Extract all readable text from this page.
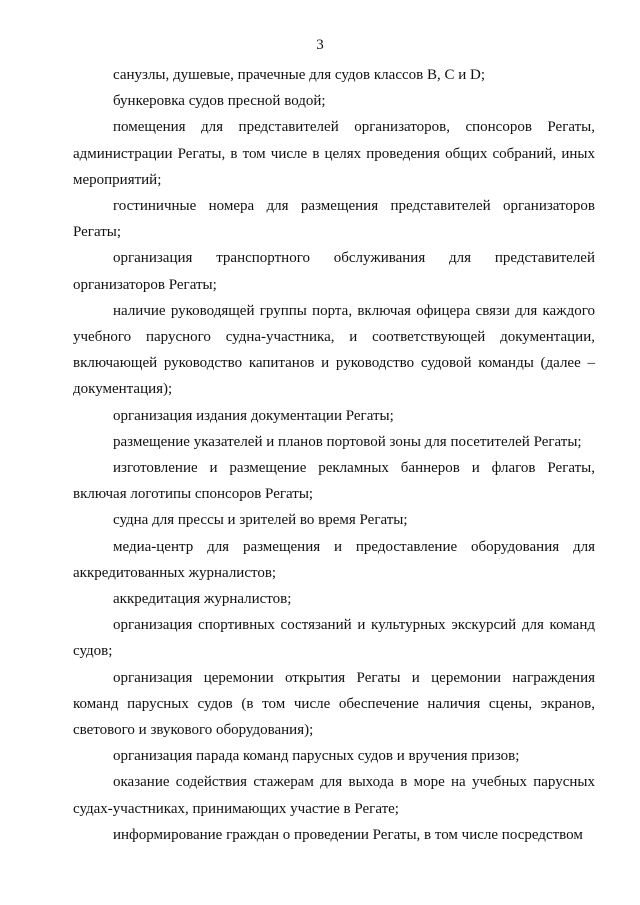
3

санузлы, душевые, прачечные для судов классов B, C и D;

бункеровка судов пресной водой;

помещения для представителей организаторов, спонсоров Регаты, администрации Регаты, в том числе в целях проведения общих собраний, иных мероприятий;

гостиничные номера для размещения представителей организаторов Регаты;

организация транспортного обслуживания для представителей организаторов Регаты;

наличие руководящей группы порта, включая офицера связи для каждого учебного парусного судна-участника, и соответствующей документации, включающей руководство капитанов и руководство судовой команды (далее – документация);

организация издания документации Регаты;

размещение указателей и планов портовой зоны для посетителей Регаты;

изготовление и размещение рекламных баннеров и флагов Регаты, включая логотипы спонсоров Регаты;

судна для прессы и зрителей во время Регаты;

медиа-центр для размещения и предоставление оборудования для аккредитованных журналистов;

аккредитация журналистов;

организация спортивных состязаний и культурных экскурсий для команд судов;

организация церемонии открытия Регаты и церемонии награждения команд парусных судов (в том числе обеспечение наличия сцены, экранов, светового и звукового оборудования);

организация парада команд парусных судов и вручения призов;

оказание содействия стажерам для выхода в море на учебных парусных судах-участниках, принимающих участие в Регате;

информирование граждан о проведении Регаты, в том числе посредством
